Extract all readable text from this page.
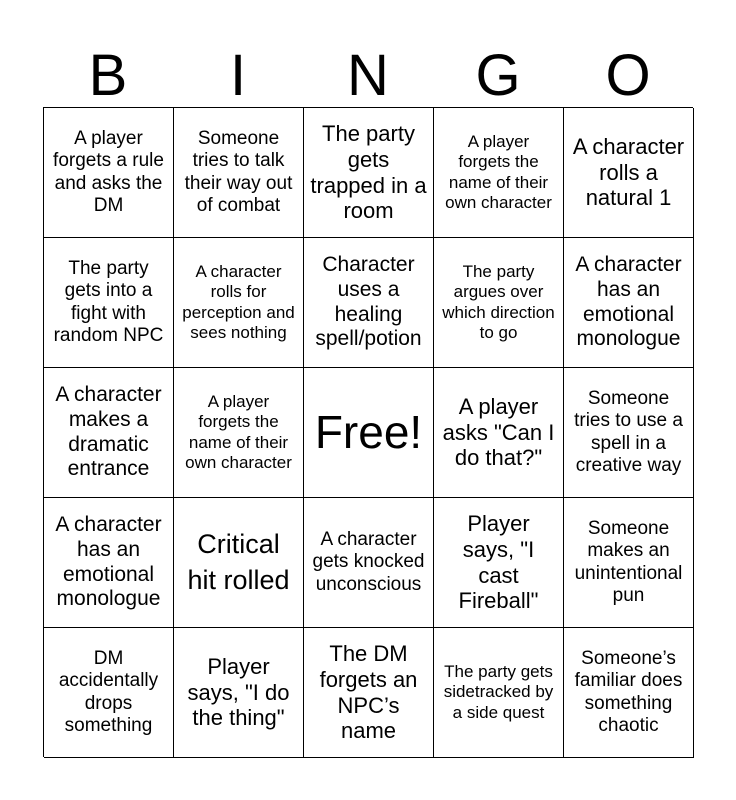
B	I	N	G	O
A player forgets a rule and asks the DM
Someone tries to talk their way out of combat
The party gets trapped in a room
A player forgets the name of their own character
A character rolls a natural 1
The party gets into a fight with random NPC
A character rolls for perception and sees nothing
Character uses a healing spell/potion
The party argues over which direction to go
A character has an emotional monologue
A character makes a dramatic entrance
A player forgets the name of their own character
Free!
A player asks "Can I do that?"
Someone tries to use a spell in a creative way
A character has an emotional monologue
Critical hit rolled
A character gets knocked unconscious
Player says, "I cast Fireball"
Someone makes an unintentional pun
DM accidentally drops something
Player says, "I do the thing"
The DM forgets an NPC’s name
The party gets sidetracked by a side quest
Someone’s familiar does something chaotic
